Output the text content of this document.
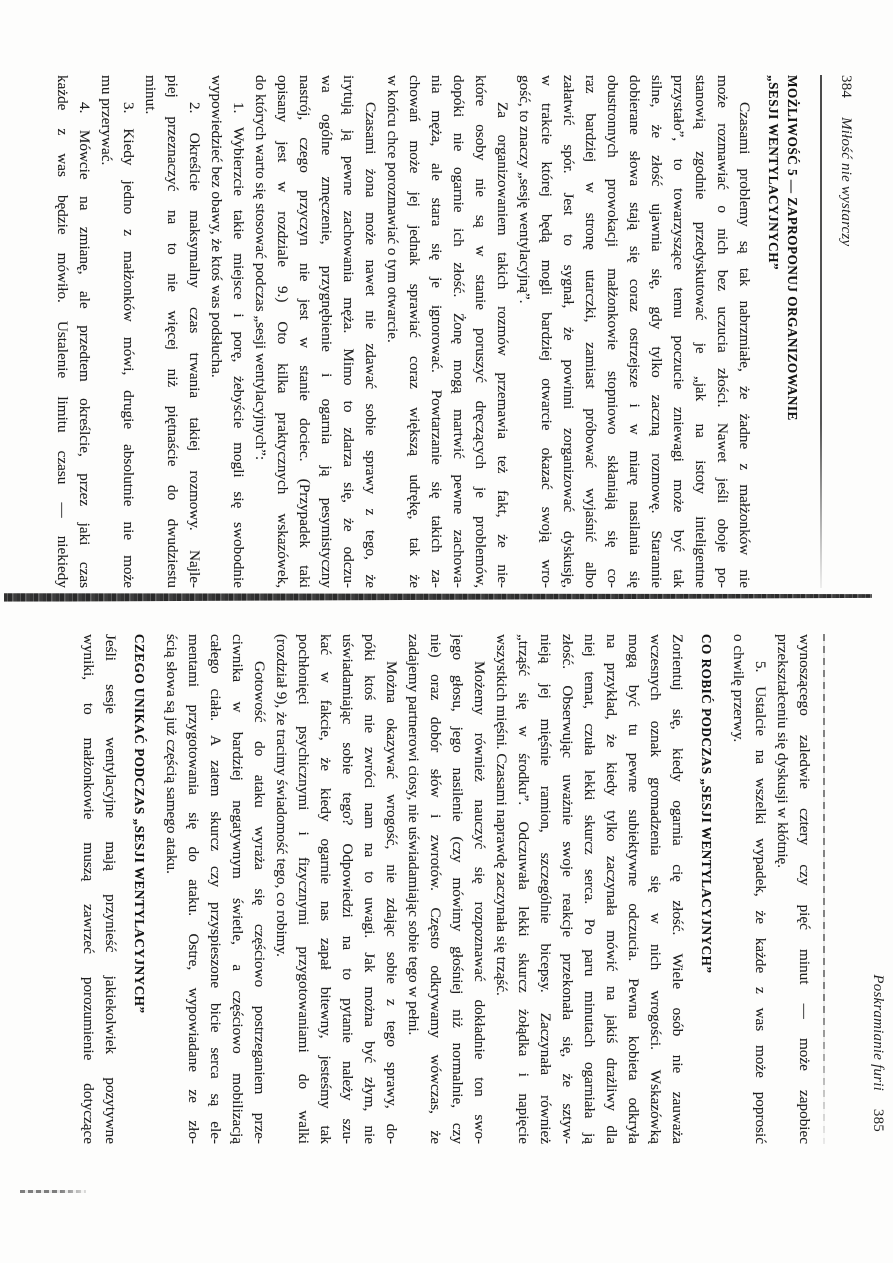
384 Miłość nie wystarczy
MOŻLIWOŚĆ 5 — ZAPROPONUJ ORGANIZOWANIE
„SESJI WENTYLACYJNYCH”
Czasami problemy są tak nabrzmiałe, że żadne z małżonków nie
może rozmawiać o nich bez uczucia złości. Nawet jeśli oboje po-
stanowią zgodnie przedyskutować je „jak na istoty inteligentne
przystało”, to towarzyszące temu poczucie zniewagi może być tak
silne, że złość ujawnia się, gdy tylko zaczną rozmowę. Starannie
dobierane słowa stają się coraz ostrzejsze i w miarę nasilania się
obustronnych prowokacji małżonkowie stopniowo skłaniają się co-
raz bardziej w stronę utarczki, zamiast próbować wyjaśnić albo
załatwić spór. Jest to sygnał, że powinni zorganizować dyskusję,
w trakcie której będą mogli bardziej otwarcie okazać swoją wro-
gość, to znaczy „sesję wentylacyjną”.
Za organizowaniem takich rozmów przemawia też fakt, że nie-
które osoby nie są w stanie poruszyć dręczących je problemów,
dopóki nie ogarnie ich złość. Żonę mogą martwić pewne zachowa-
nia męża, ale stara się je ignorować. Powtarzanie się takich za-
chowań może jej jednak sprawiać coraz większą udrękę, tak że
w końcu chce porozmawiać o tym otwarcie.
Czasami żona może nawet nie zdawać sobie sprawy z tego, że
irytują ją pewne zachowania męża. Mimo to zdarza się, że odczu-
wa ogólne zmęczenie, przygnębienie i ogarnia ją pesymistyczny
nastrój, czego przyczyn nie jest w stanie dociec. (Przypadek taki
opisany jest w rozdziale 9.) Oto kilka praktycznych wskazówek,
do których warto się stosować podczas „sesji wentylacyjnych”:
1. Wybierzcie takie miejsce i porę, żebyście mogli się swobodnie
wypowiedzieć bez obawy, że ktoś was podsłucha.
2. Określcie maksymalny czas trwania takiej rozmowy. Najle-
piej przeznaczyć na to nie więcej niż piętnaście do dwudziestu
minut.
3. Kiedy jedno z małżonków mówi, drugie absolutnie nie może
mu przerywać.
4. Mówcie na zmianę, ale przedtem określcie, przez jaki czas
każde z was będzie mówiło. Ustalenie limitu czasu — niekiedy
Poskramianie furii 385
wynoszącego zaledwie cztery czy pięć minut — może zapobiec
przekształceniu się dyskusji w kłótnię.
5. Ustalcie na wszelki wypadek, że każde z was może poprosić
o chwilę przerwy.
CO ROBIĆ PODCZAS „SESJI WENTYLACYJNYCH”
Zorientuj się, kiedy ogarnia cię złość. Wiele osób nie zauważa
wczesnych oznak gromadzenia się w nich wrogości. Wskazówką
mogą być tu pewne subiektywne odczucia. Pewna kobieta odkryła
na przykład, że kiedy tylko zaczynała mówić na jakiś drażliwy dla
niej temat, czuła lekki skurcz serca. Po paru minutach ogarniała ją
złość. Obserwując uważnie swoje reakcje przekonała się, że sztyw-
nieją jej mięśnie ramion, szczególnie bicepsy. Zaczynała również
„trząść się w środku”. Odczuwała lekki skurcz żołądka i napięcie
wszystkich mięśni. Czasami naprawdę zaczynała się trząść.
Możemy również nauczyć się rozpoznawać dokładnie ton swo-
jego głosu, jego nasilenie (czy mówimy głośniej niż normalnie, czy
nie) oraz dobór słów i zwrotów. Często odkrywamy wówczas, że
zadajemy partnerowi ciosy, nie uświadamiając sobie tego w pełni.
Można okazywać wrogość, nie zdając sobie z tego sprawy, do-
póki ktoś nie zwróci nam na to uwagi. Jak można być złym, nie
uświadamiając sobie tego? Odpowiedzi na to pytanie należy szu-
kać w fakcie, że kiedy ogarnie nas zapał bitewny, jesteśmy tak
pochłonięci psychicznymi i fizycznymi przygotowaniami do walki
(rozdział 9), że tracimy świadomość tego, co robimy.
Gotowość do ataku wyraża się częściowo postrzeganiem prze-
ciwnika w bardziej negatywnym świetle, a częściowo mobilizacją
całego ciała. A zatem skurcz czy przyspieszone bicie serca są ele-
mentami przygotowania się do ataku. Ostre, wypowiadane ze zło-
ścią słowa są już częścią samego ataku.
CZEGO UNIKAĆ PODCZAS „SESJI WENTYLACYJNYCH”
Jeśli sesje wentylacyjne mają przynieść jakiekolwiek pozytywne
wyniki, to małżonkowie muszą zawrzeć porozumienie dotyczące
